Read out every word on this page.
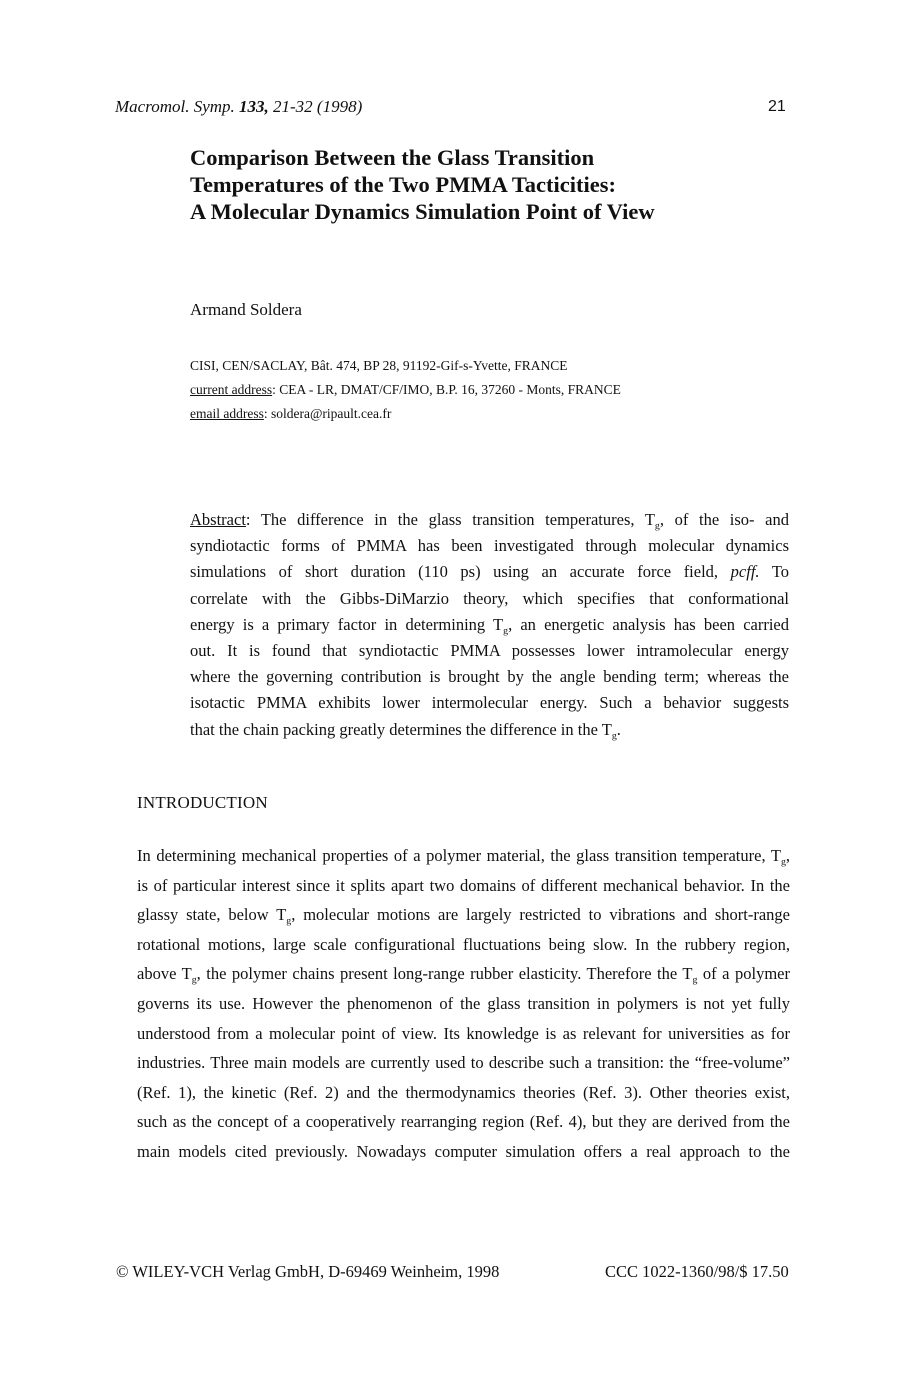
Macromol. Symp. 133, 21-32 (1998)	21
Comparison Between the Glass Transition
Temperatures of the Two PMMA Tacticities:
A Molecular Dynamics Simulation Point of View
Armand Soldera
CISI, CEN/SACLAY, Bât. 474, BP 28, 91192-Gif-s-Yvette, FRANCE
current address: CEA - LR, DMAT/CF/IMO, B.P. 16, 37260 - Monts, FRANCE
email address: soldera@ripault.cea.fr
Abstract: The difference in the glass transition temperatures, $T_g$, of the iso- and
syndiotactic forms of PMMA has been investigated through molecular dynamics
simulations of short duration (110 ps) using an accurate force field, pcff. To
correlate with the Gibbs-DiMarzio theory, which specifies that conformational
energy is a primary factor in determining $T_g$, an energetic analysis has been carried
out. It is found that syndiotactic PMMA possesses lower intramolecular energy
where the governing contribution is brought by the angle bending term; whereas the
isotactic PMMA exhibits lower intermolecular energy. Such a behavior suggests
that the chain packing greatly determines the difference in the $T_g$.
INTRODUCTION
In determining mechanical properties of a polymer material, the glass transition temperature, $T_g$,
is of particular interest since it splits apart two domains of different mechanical behavior. In the
glassy state, below $T_g$, molecular motions are largely restricted to vibrations and short-range
rotational motions, large scale configurational fluctuations being slow. In the rubbery region,
above $T_g$, the polymer chains present long-range rubber elasticity. Therefore the $T_g$ of a polymer
governs its use. However the phenomenon of the glass transition in polymers is not yet fully
understood from a molecular point of view. Its knowledge is as relevant for universities as for
industries. Three main models are currently used to describe such a transition: the “free-volume”
(Ref. 1), the kinetic (Ref. 2) and the thermodynamics theories (Ref. 3). Other theories exist,
such as the concept of a cooperatively rearranging region (Ref. 4), but they are derived from the
main models cited previously. Nowadays computer simulation offers a real approach to the
© WILEY-VCH Verlag GmbH, D-69469 Weinheim, 1998	CCC 1022-1360/98/$ 17.50
